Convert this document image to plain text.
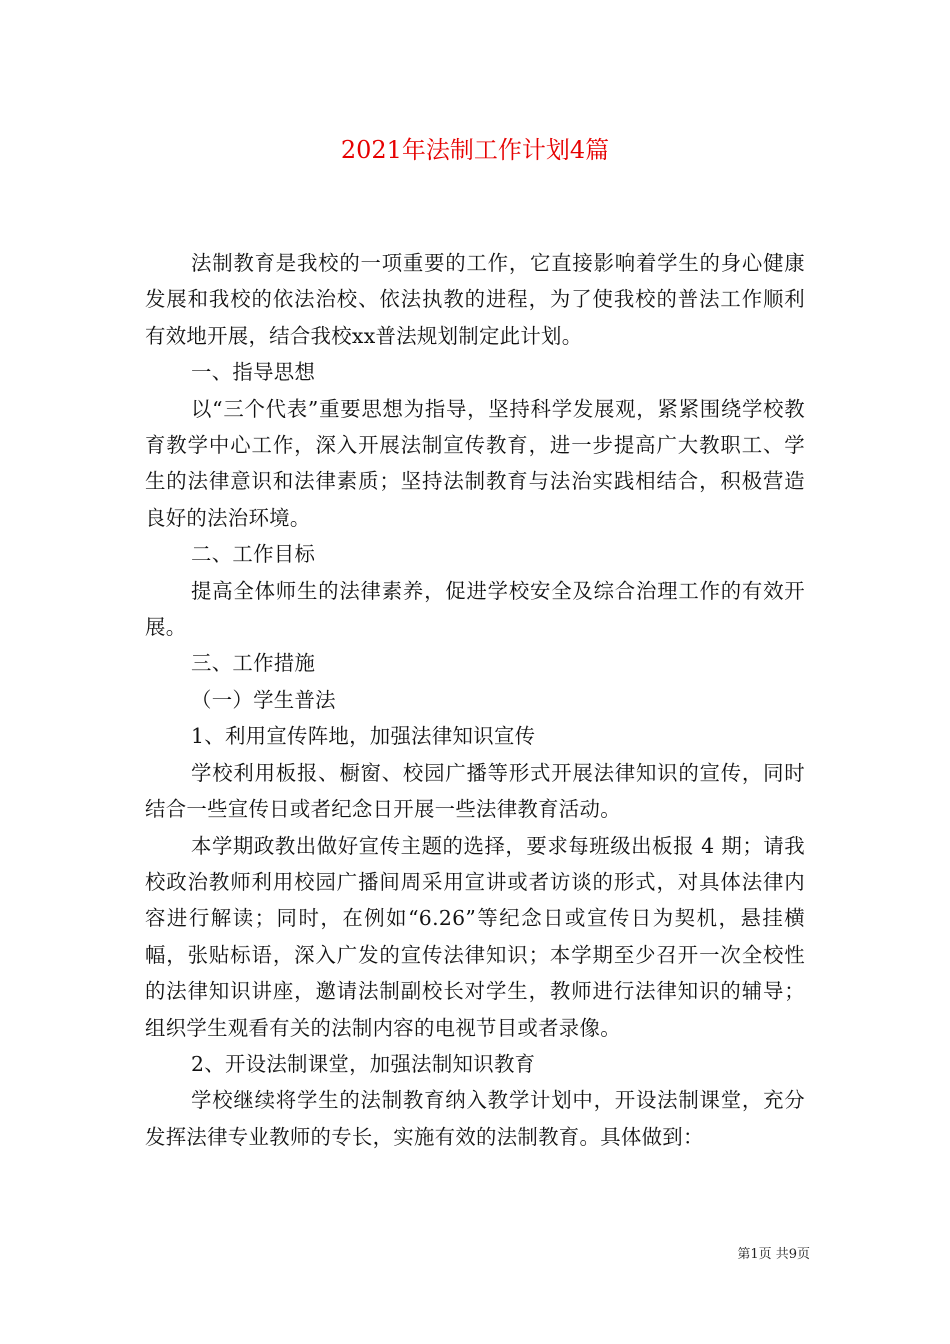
2021年法制工作计划4篇

法制教育是我校的一项重要的工作，它直接影响着学生的身心健康发展和我校的依法治校、依法执教的进程，为了使我校的普法工作顺利有效地开展，结合我校xx普法规划制定此计划。

一、指导思想

以“三个代表”重要思想为指导，坚持科学发展观，紧紧围绕学校教育教学中心工作，深入开展法制宣传教育，进一步提高广大教职工、学生的法律意识和法律素质；坚持法制教育与法治实践相结合，积极营造良好的法治环境。

二、工作目标

提高全体师生的法律素养，促进学校安全及综合治理工作的有效开展。

三、工作措施

（一）学生普法

1、利用宣传阵地，加强法律知识宣传

学校利用板报、橱窗、校园广播等形式开展法律知识的宣传，同时结合一些宣传日或者纪念日开展一些法律教育活动。

本学期政教出做好宣传主题的选择，要求每班级出板报 4 期；请我校政治教师利用校园广播间周采用宣讲或者访谈的形式，对具体法律内容进行解读；同时，在例如“6.26”等纪念日或宣传日为契机，悬挂横幅，张贴标语，深入广发的宣传法律知识；本学期至少召开一次全校性的法律知识讲座，邀请法制副校长对学生，教师进行法律知识的辅导；组织学生观看有关的法制内容的电视节目或者录像。

2、开设法制课堂，加强法制知识教育

学校继续将学生的法制教育纳入教学计划中，开设法制课堂，充分发挥法律专业教师的专长，实施有效的法制教育。具体做到：

第1页 共9页
